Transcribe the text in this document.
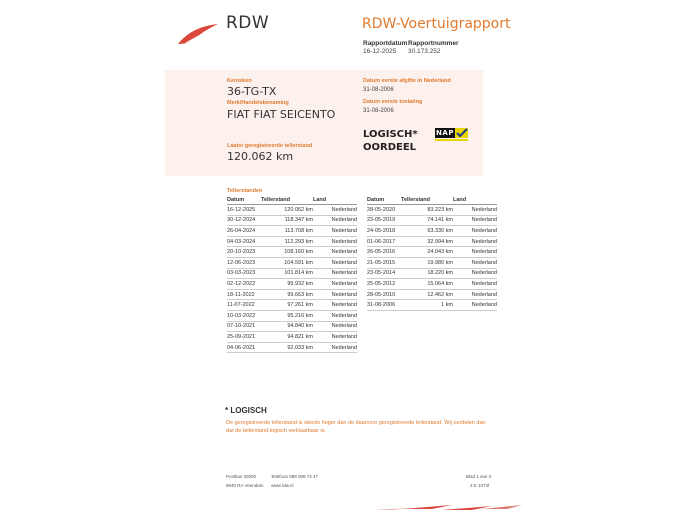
RDW	RDW-Voertuigrapport
Rapportdatum
16-12-2025
Rapportnummer
30.173.252
Kenteken
36-TG-TX
Merk/Handelsbenaming
FIAT FIAT SEICENTO
Laatst geregistreerde tellerstand
120.062 km
Datum eerste afgifte in Nederland
31-08-2006
Datum eerste toelating
31-08-2006
LOGISCH*
OORDEEL
NAP
Tellerstanden
Datum	Tellerstand	Land
16-12-2025	120.062 km	Nederland
30-12-2024	118.347 km	Nederland
26-04-2024	113.708 km	Nederland
04-03-2024	112.293 km	Nederland
20-10-2023	108.160 km	Nederland
12-06-2023	104.591 km	Nederland
03-03-2023	101.814 km	Nederland
02-12-2022	99.932 km	Nederland
18-11-2022	99.663 km	Nederland
11-07-2022	97.261 km	Nederland
10-03-2022	95.216 km	Nederland
07-10-2021	94.840 km	Nederland
25-09-2021	94.821 km	Nederland
04-06-2021	92.033 km	Nederland
Datum	Tellerstand	Land
28-05-2020	83.223 km	Nederland
23-05-2019	74.141 km	Nederland
24-05-2018	63.330 km	Nederland
01-06-2017	32.994 km	Nederland
26-05-2016	24.043 km	Nederland
21-05-2015	19.980 km	Nederland
23-05-2014	18.220 km	Nederland
25-05-2012	15.064 km	Nederland
28-05-2010	12.462 km	Nederland
31-08-2006	1 km	Nederland
* LOGISCH
De geregistreerde tellerstand is steeds hoger dan de daarvoor geregistreerde tellerstand. Wij oordelen dan dat de tellerstand logisch verklaarbaar is.
Postbus 30000
9640 RA Veendam
Telefoon 088 008 74 47
www.rdw.nl
Blad 1 van 3
3 E 1073f
